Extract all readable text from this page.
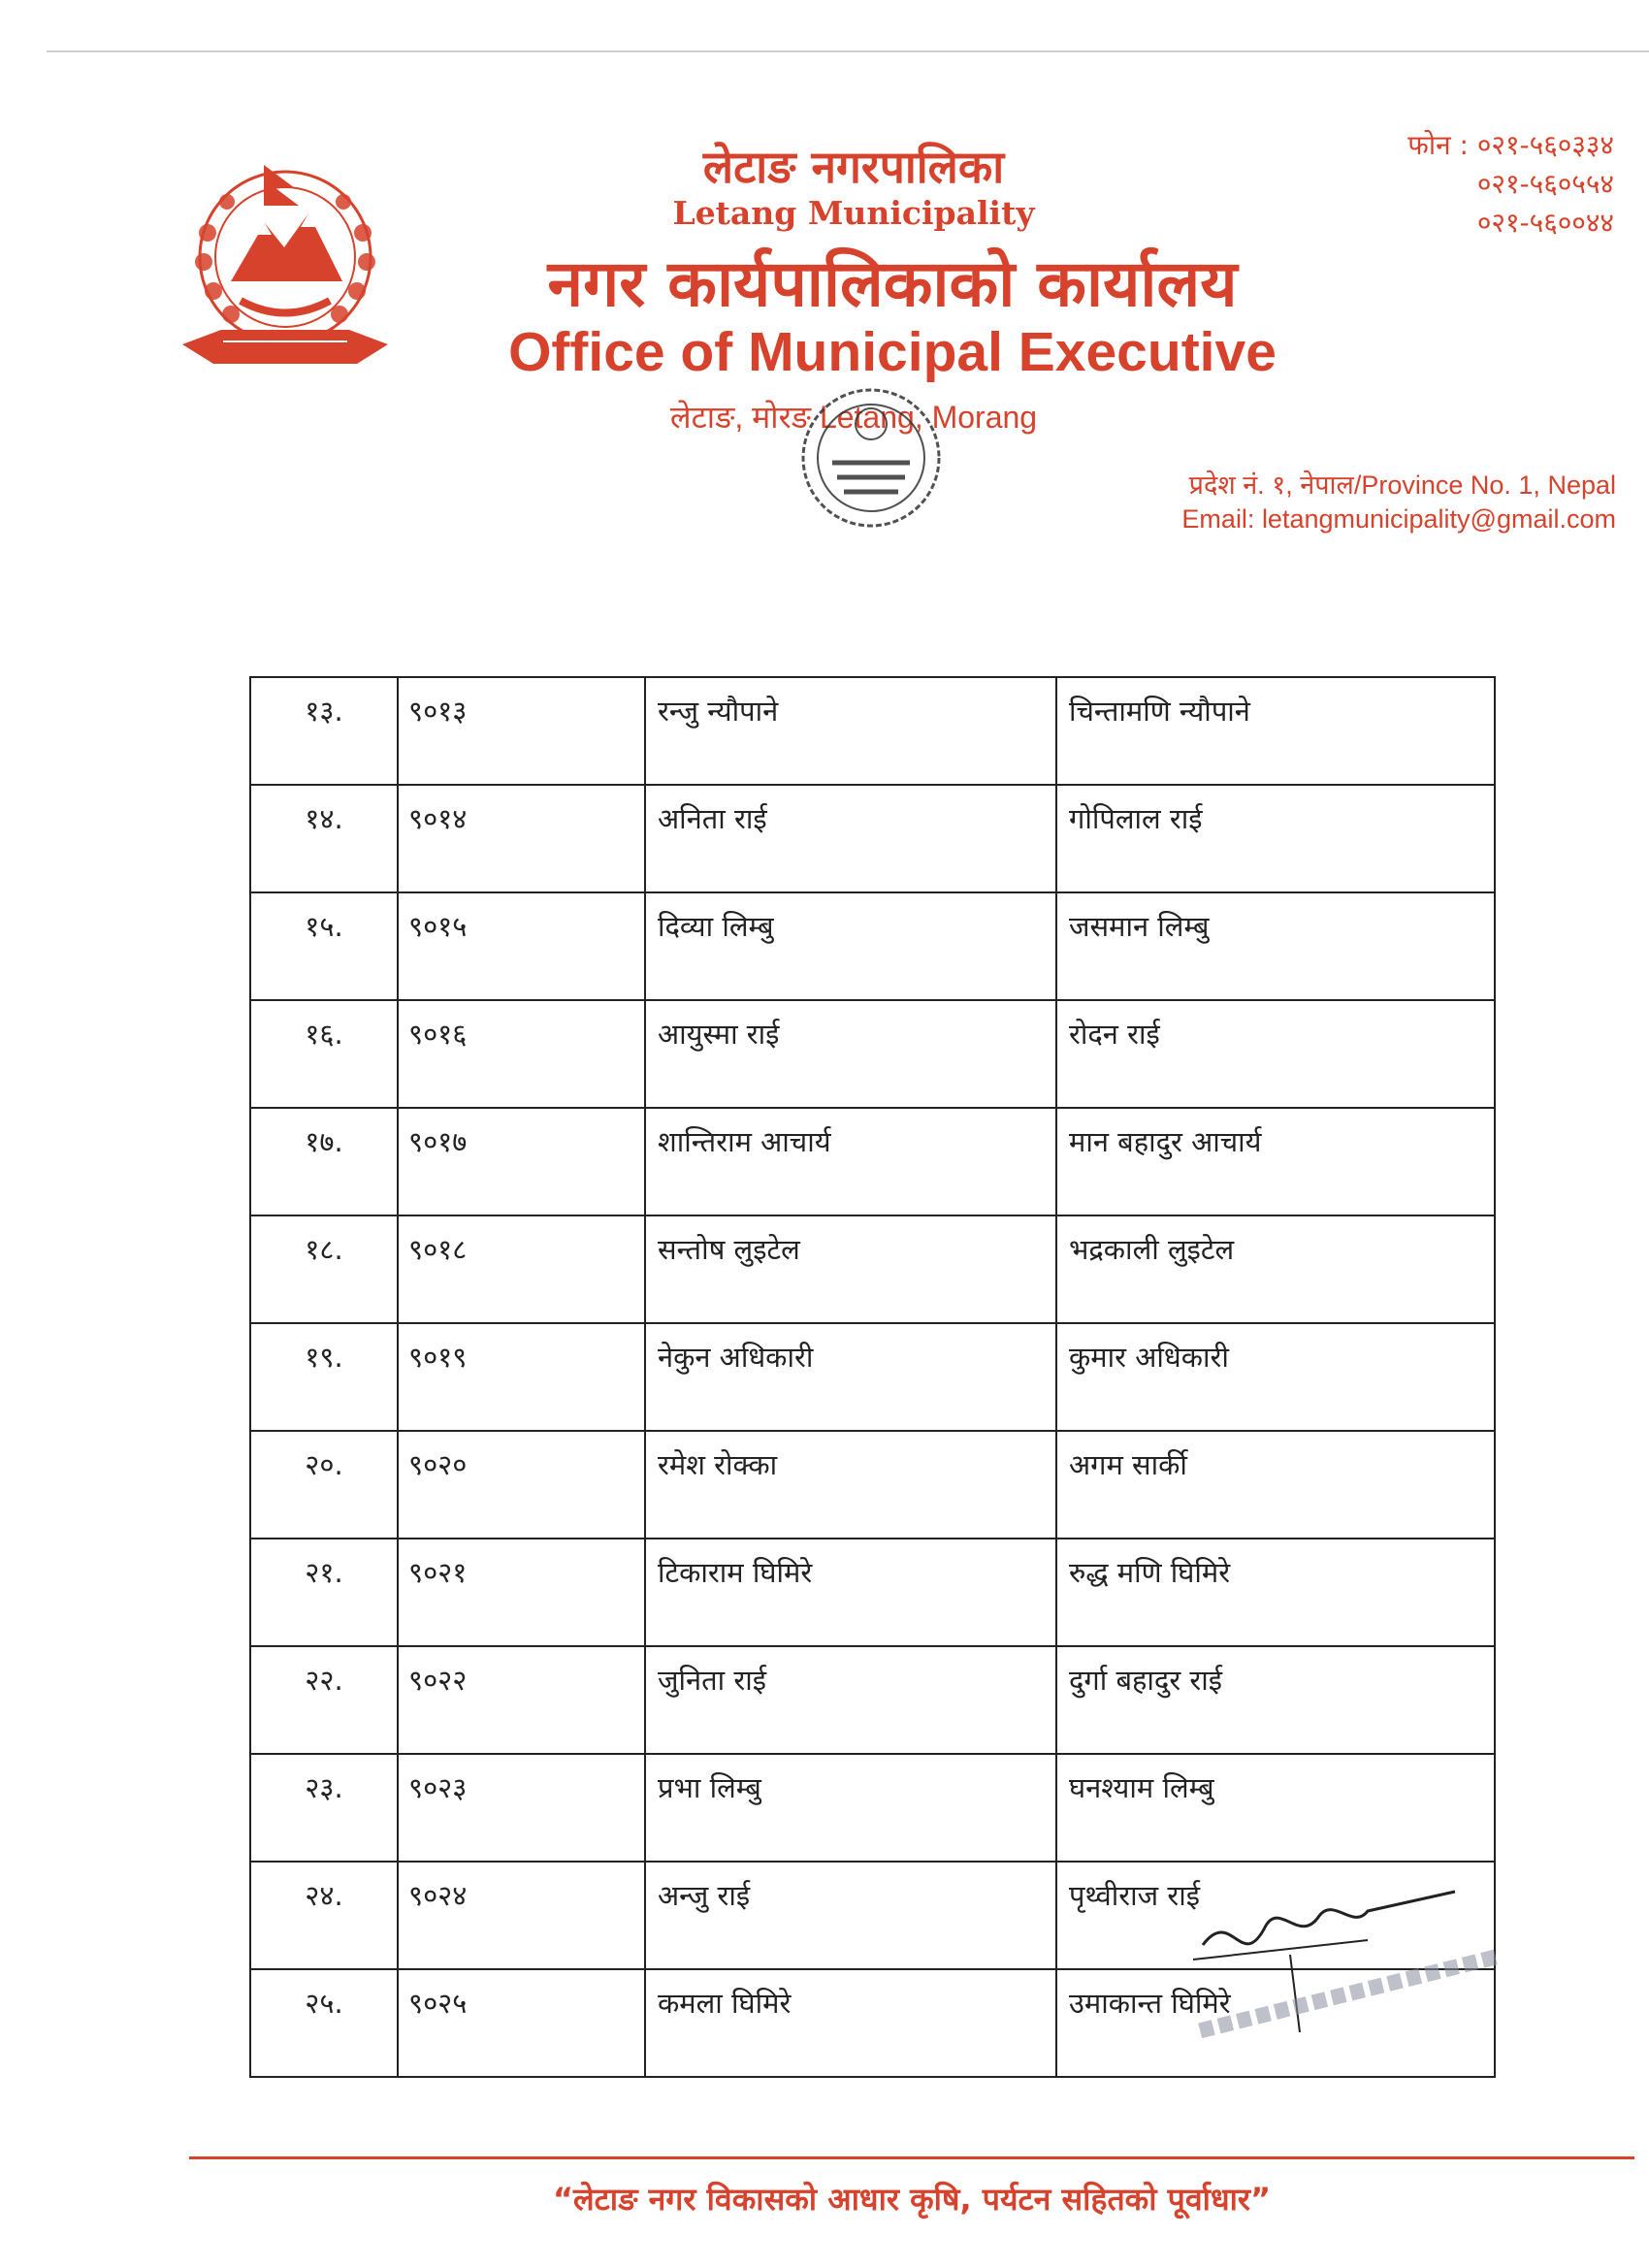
लेटाङ नगरपालिका
Letang Municipality
नगर कार्यपालिकाको कार्यालय
Office of Municipal Executive
लेटाङ, मोरङ Letang, Morang
फोन : ०२१-५६०३३४
०२१-५६०५५४
०२१-५६००४४
प्रदेश नं. १, नेपाल/Province No. 1, Nepal
Email: letangmunicipality@gmail.com
१३.	९०१३	रन्जु न्यौपाने	चिन्तामणि न्यौपाने
१४.	९०१४	अनिता राई	गोपिलाल राई
१५.	९०१५	दिव्या लिम्बु	जसमान लिम्बु
१६.	९०१६	आयुस्मा राई	रोदन राई
१७.	९०१७	शान्तिराम आचार्य	मान बहादुर आचार्य
१८.	९०१८	सन्तोष लुइटेल	भद्रकाली लुइटेल
१९.	९०१९	नेकुन अधिकारी	कुमार अधिकारी
२०.	९०२०	रमेश रोक्का	अगम सार्की
२१.	९०२१	टिकाराम घिमिरे	रुद्ध मणि घिमिरे
२२.	९०२२	जुनिता राई	दुर्गा बहादुर राई
२३.	९०२३	प्रभा लिम्बु	घनश्याम लिम्बु
२४.	९०२४	अन्जु राई	पृथ्वीराज राई
२५.	९०२५	कमला घिमिरे	उमाकान्त घिमिरे
“लेटाङ नगर विकासको आधार कृषि, पर्यटन सहितको पूर्वाधार”
